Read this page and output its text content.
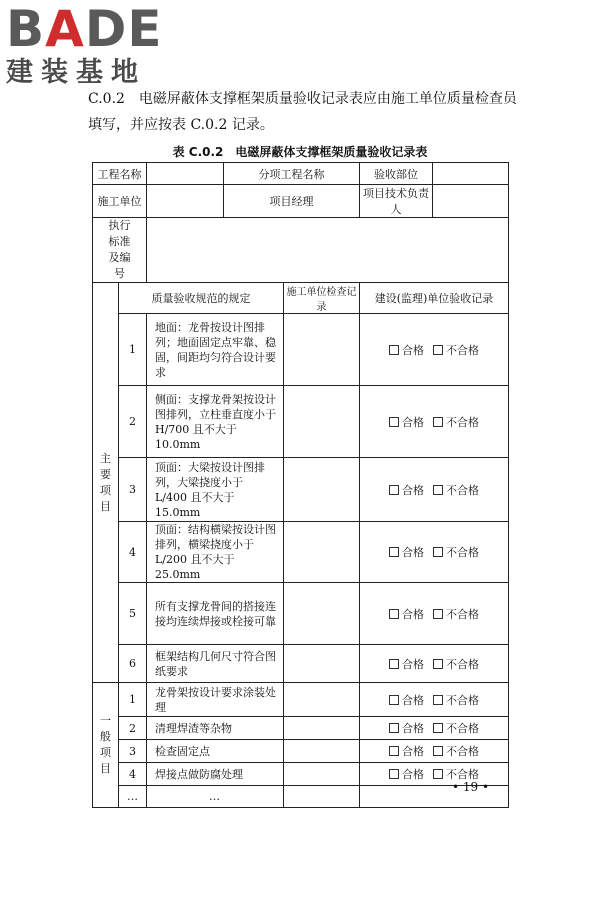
BADE
建装基地
C.0.2　电磁屏蔽体支撑框架质量验收记录表应由施工单位质量检查员填写，并应按表 C.0.2 记录。
表 C.0.2　电磁屏蔽体支撑框架质量验收记录表
工程名称			分项工程名称		验收部位	
施工单位			项目经理		项目技术负责人	
执行标准及编号						
主要项目	质量验收规范的规定			施工单位检查记录	建设(监理)单位验收记录	
	1	地面：龙骨按设计图排列；地面固定点牢靠、稳固，间距均匀符合设计要求			合格 不合格	
	2	侧面：支撑龙骨架按设计图排列，立柱垂直度小于 H/700 且不大于 10.0mm			合格 不合格	
	3	顶面：大梁按设计图排列，大梁挠度小于 L/400 且不大于 15.0mm			合格 不合格	
	4	顶面：结构横梁按设计图排列，横梁挠度小于 L/200 且不大于 25.0mm			合格 不合格	
	5	所有支撑龙骨间的搭接连接均连续焊接或栓接可靠			合格 不合格	
	6	框架结构几何尺寸符合图纸要求			合格 不合格	
一般项目	1	龙骨架按设计要求涂装处理			合格 不合格	
	2	清理焊渣等杂物			合格 不合格	
	3	检查固定点			合格 不合格	
	4	焊接点做防腐处理			合格 不合格	
	…	…				
• 19 •
